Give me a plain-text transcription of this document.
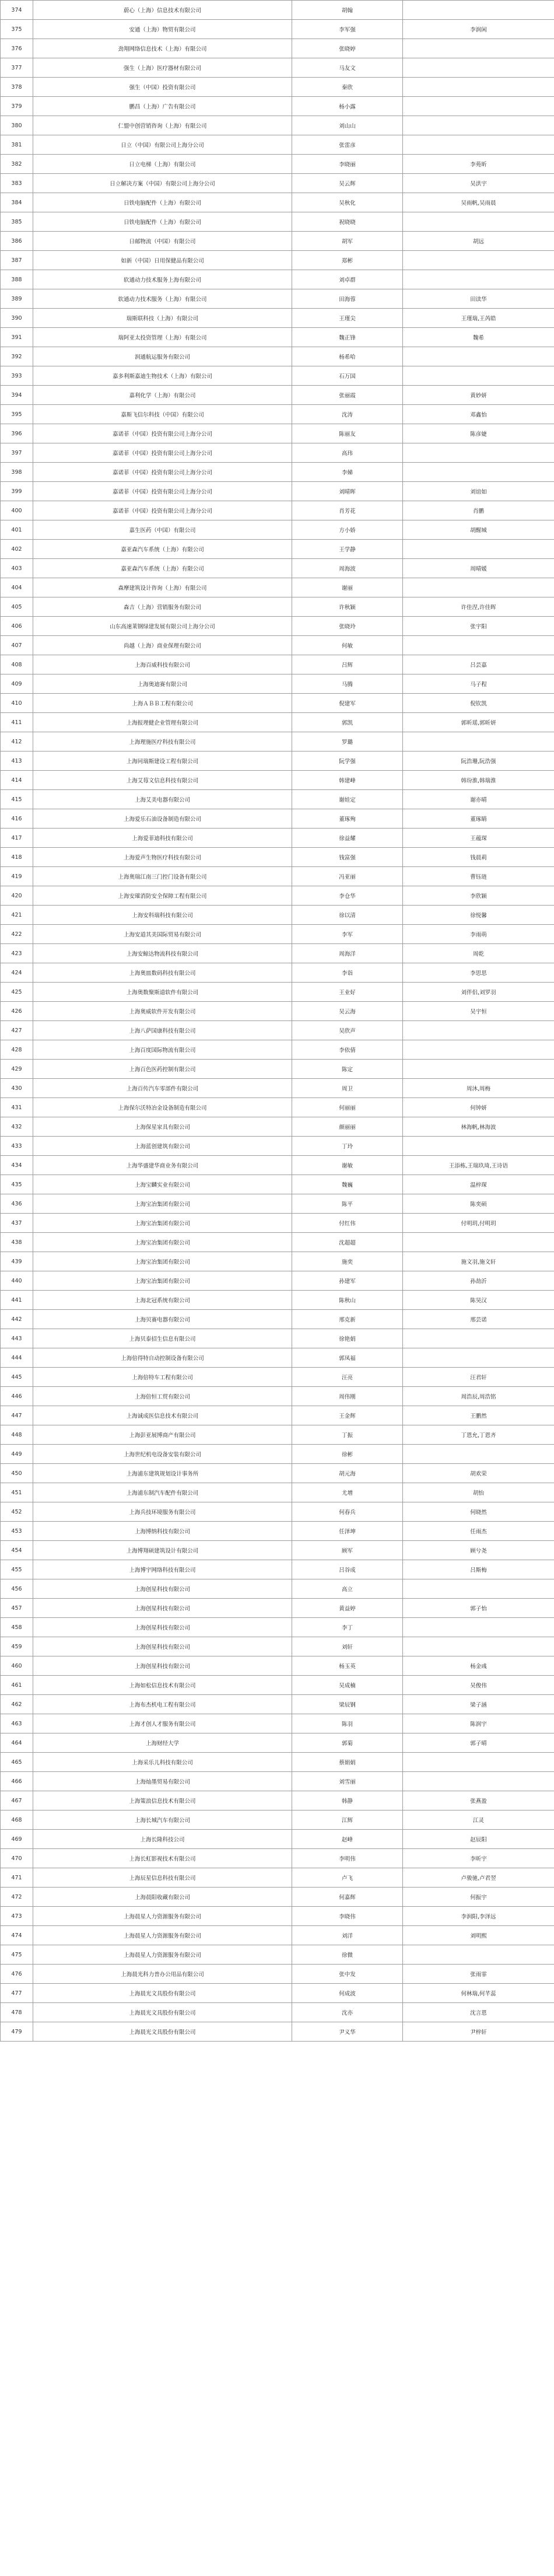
374	蔚心（上海）信息技术有限公司	胡翰	
375	安通（上海）物贸有限公司	李军强	李润闲
376	劲翔网络信息技术（上海）有限公司	张晓婷	
377	强生（上海）医疗器材有限公司	马友文	
378	强生（中国）投资有限公司	秦欣	
379	鹏昌（上海）广告有限公司	杨小露	
380	仁盟中创营销咨询（上海）有限公司	刘山山	
381	日立（中国）有限公司上海分公司	张雷彦	
382	日立电梯（上海）有限公司	李晓丽	李苑昕
383	日立解决方案（中国）有限公司上海分公司	吴云辉	吴洪宇
384	日铁电脑配件（上海）有限公司	吴秋化	吴雨帆,吴雨晨
385	日铁电脑配件（上海）有限公司	祝晓晓	
386	日邮物流（中国）有限公司	胡军	胡远
387	如新（中国）日用保健品有限公司	郑彬	
388	软通动力技术服务上海有限公司	刘卓群	
389	软通动力技术服务（上海）有限公司	田海蓉	田读华
390	瑞斯联科技（上海）有限公司	王瑾尖	王瑾瑞,王芮皓
391	瑞阿亚太投资管理（上海）有限公司	魏正锋	魏希
392	润通航运服务有限公司	杨希哈	
393	嘉多利斯嘉迪生物技术（上海）有限公司	石万国	
394	嘉利化学（上海）有限公司	张丽霞	黄妙妍
395	嘉斯飞信尔科技（中国）有限公司	沈涛	邓鑫怡
396	嘉诺菲（中国）投资有限公司上海分公司	陈丽友	陈彦婕
397	嘉诺菲（中国）投资有限公司上海分公司	高玮	
398	嘉诺菲（中国）投资有限公司上海分公司	李娣	
399	嘉诺菲（中国）投资有限公司上海分公司	刘晴晖	刘谊如
400	嘉诺菲（中国）投资有限公司上海分公司	肖芳花	肖鹏
401	嘉生医药（中国）有限公司	方小娇	胡醒城
402	嘉亚森汽车系统（上海）有限公司	王学静	
403	嘉亚森汽车系统（上海）有限公司	周海波	周晴媛
404	森摩建筑设计咨询（上海）有限公司	谢丽	
405	森吉（上海）营销服务有限公司	许秋颖	许佳涅,许佳晖
406	山东高速莱钢绿建发展有限公司上海分公司	张晓玲	张宇阳
407	尚越（上海）商业保理有限公司	何敏	
408	上海百威科技有限公司	吕辉	吕芸嘉
409	上海奥迪赛有限公司	马腾	马子程
410	上海ＡＢＢ工程有限公司	倪建军	倪钦凯
411	上海报理健企业管理有限公司	郭凯	郭昕瑶,郭昕妍
412	上海理施医疗科技有限公司	罗璐	
413	上海同瑞斯建设工程有限公司	阮学强	阮浩珊,阮浩强
414	上海艾莓文信息科技有限公司	韩建峰	韩玢淮,韩瑞淮
415	上海艾美电器有限公司	谢娃定	谢亦晴
416	上海爱乐石油设备制造有限公司	董琢殉	董琢睛
417	上海爱菲迪科技有限公司	徐益耀	王蕴琛
418	上海爱声生物医疗科技有限公司	钱富强	钱晨莉
419	上海奥瑞江南三门控门设备有限公司	冯亚丽	曹钰琏
420	上海安璀消防安全保障工程有限公司	李仓华	李欣颖
421	上海安科瑞科技有限公司	徐以清	徐悦馨
422	上海安道其美国际贸易有限公司	李军	李雨萌
423	上海安鲸达物流科技有限公司	周海洋	周乾
424	上海奥皿数码科技有限公司	李诣	李思思
425	上海奥数聚斯道软件有限公司	王业好	刘伴侣,刘罗羽
426	上海奥威软件开发有限公司	吴云海	吴宇恒
427	上海八萨国康科技有限公司	吴欣声	
428	上海百度国际物流有限公司	李依倩	
429	上海百色医药控制有限公司	陈定	
430	上海百传汽车零部件有限公司	周卫	周沐,周梅
431	上海保尔沃特冶金设备制造有限公司	何丽丽	何钟妍
432	上海保星家具有限公司	颜丽丽	林海帆,林海波
433	上海蓝创建筑有限公司	丁玲	
434	上海华盛建华商业务有限公司	谢敏	王添栋,王瑞玖琦,王诗语
435	上海宝麟实业有限公司	魏巍	温梓琛
436	上海宝冶集团有限公司	陈平	陈奕硕
437	上海宝冶集团有限公司	付红伟	付明玥,付明玥
438	上海宝冶集团有限公司	沈超超	
439	上海宝冶集团有限公司	施奕	施文羽,施文轩
440	上海宝冶集团有限公司	孙建军	孙劼沂
441	上海北冠系统有限公司	陈秋山	陈昊汉
442	上海贝赛电器有限公司	邢克新	邢芸诺
443	上海贝泰招生信息有限公司	徐艳娟	
444	上海倍得特自动控制设备有限公司	郭凤福	
445	上海倍特车工程有限公司	汪亮	汪君轩
446	上海倍恒工贸有限公司	周伟刚	周浩辰,周浩铭
447	上海诚成医信息技术有限公司	王金辉	王鹏然
448	上海彭亚展博商产有限公司	丁振	丁恩允,丁恩齐
449	上海世纪机电设备安装有限公司	徐彬	
450	上海浦东建筑规划设计事务所	胡元海	胡欢荣
451	上海浦东制汽车配件有限公司	尤增	胡怡
452	上海兵技环境服务有限公司	何春兵	何晓然
453	上海博纳科技有限公司	任泽坤	任雨杰
454	上海博翔硕建筑设计有限公司	顾军	顾兮尧
455	上海博宇网络科技有限公司	吕谷成	吕斯梅
456	上海创星科技有限公司	高立	
457	上海创星科技有限公司	黄益婷	郭子怡
458	上海创星科技有限公司	李丁	
459	上海创星科技有限公司	刘轩	
460	上海创星科技有限公司	杨玉英	杨金彧
461	上海如松信息技术有限公司	吴成楠	吴俊伟
462	上海布杰机电工程有限公司	梁辰钢	梁子涵
463	上海才创人才服务有限公司	陈羽	陈润宇
464	上海财经大学	郭菊	郭子晴
465	上海采乐儿科技有限公司	蔡娟娟	
466	上海灿墨贸易有限公司	刘雪丽	
467	上海策浪信息技术有限公司	韩静	张燕盈
468	上海长城汽车有限公司	江辉	江灵
469	上海长隆科技公司	赵峰	赵辰阳
470	上海长虹影视技术有限公司	李明伟	李昕宇
471	上海辰星信息科技有限公司	卢飞	卢骏驰,卢君翌
472	上海晨阳收藏有限公司	何嘉辉	何振宇
473	上海晨星人力资源服务有限公司	李晓伟	李润阳,李泽远
474	上海晨星人力资源服务有限公司	刘洋	刘明熙
475	上海晨星人力资源服务有限公司	徐微	
476	上海晨光科力普办公用品有限公司	张中发	张雨霏
477	上海晨光文具股份有限公司	何成波	何林瑞,何芊蕊
478	上海晨光文具股份有限公司	沈亦	沈言恩
479	上海晨光文具股份有限公司	尹义华	尹梓轩
